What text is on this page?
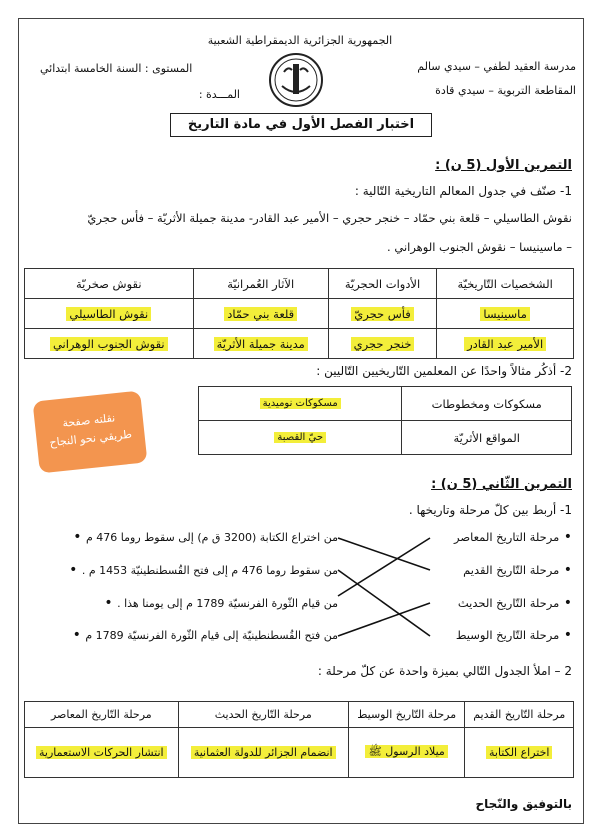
الجمهورية الجزائرية الديمقراطية الشعبية
مدرسة العقيد لطفي – سيدي سالم
المقاطعة التربوية – سيدي قادة
المستوى : السنة الخامسة ابتدائي
المـــدة :
اختبار الفصل الأول في مادة التاريخ
التمرين الأول (5 ن) :
1- صنّف في جدول المعالم التاريخية التّالية :
نقوش الطاسيلي – قلعة بني حمّاد – خنجر حجري – الأمير عبد القادر- مدينة جميلة الأثريّة – فأس حجريّ
– ماسينيسا – نقوش الجنوب الوهراني .
الشخصيات التّاريخيّة	الأدوات الحجريّة	الآثار العُمرانيّة	نقوش صخريّة
ماسينيسا	فأس حجريّ	قلعة بني حمّاد	نقوش الطاسيلي
الأمير عبد القادر	خنجر حجري	مدينة جميلة الأثريّة	نقوش الجنوب الوهراني
2- أذكُر مثالاً واحدًا عن المعلمين التّاريخيين التّاليين :
مسكوكات ومخطوطات	مسكوكات نوميدية
المواقع الأثريّة	حيّ القصبة
نقلته صفحة
طريقي نحو النجاح
التمرين الثّاني (5 ن) :
1- أربط بين كلّ مرحلة وتاريخها .
• مرحلة التاريخ المعاصر
• مرحلة التّاريخ القديم
• مرحلة التّاريخ الحديث
• مرحلة التّاريخ الوسيط
من اختراع الكتابة (3200 ق م) إلى سقوط روما 476 م •
من سقوط روما 476 م إلى فتح القُسطنطينيّة 1453 م . •
من قيام الثّورة الفرنسيّة 1789 م إلى يومنا هذا . •
من فتح القُسطنطينيّة إلى قيام الثّورة الفرنسيّة 1789 م •
2 – املأ الجدول التّالي بميزة واحدة عن كلّ مرحلة :
مرحلة التّاريخ القديم	مرحلة التّاريخ الوسيط	مرحلة التّاريخ الحديث	مرحلة التّاريخ المعاصر
اختراع الكتابة	ميلاد الرسول ﷺ	انضمام الجزائر للدولة العثمانية	انتشار الحركات الاستعمارية
بالتوفيق والنّجاح
